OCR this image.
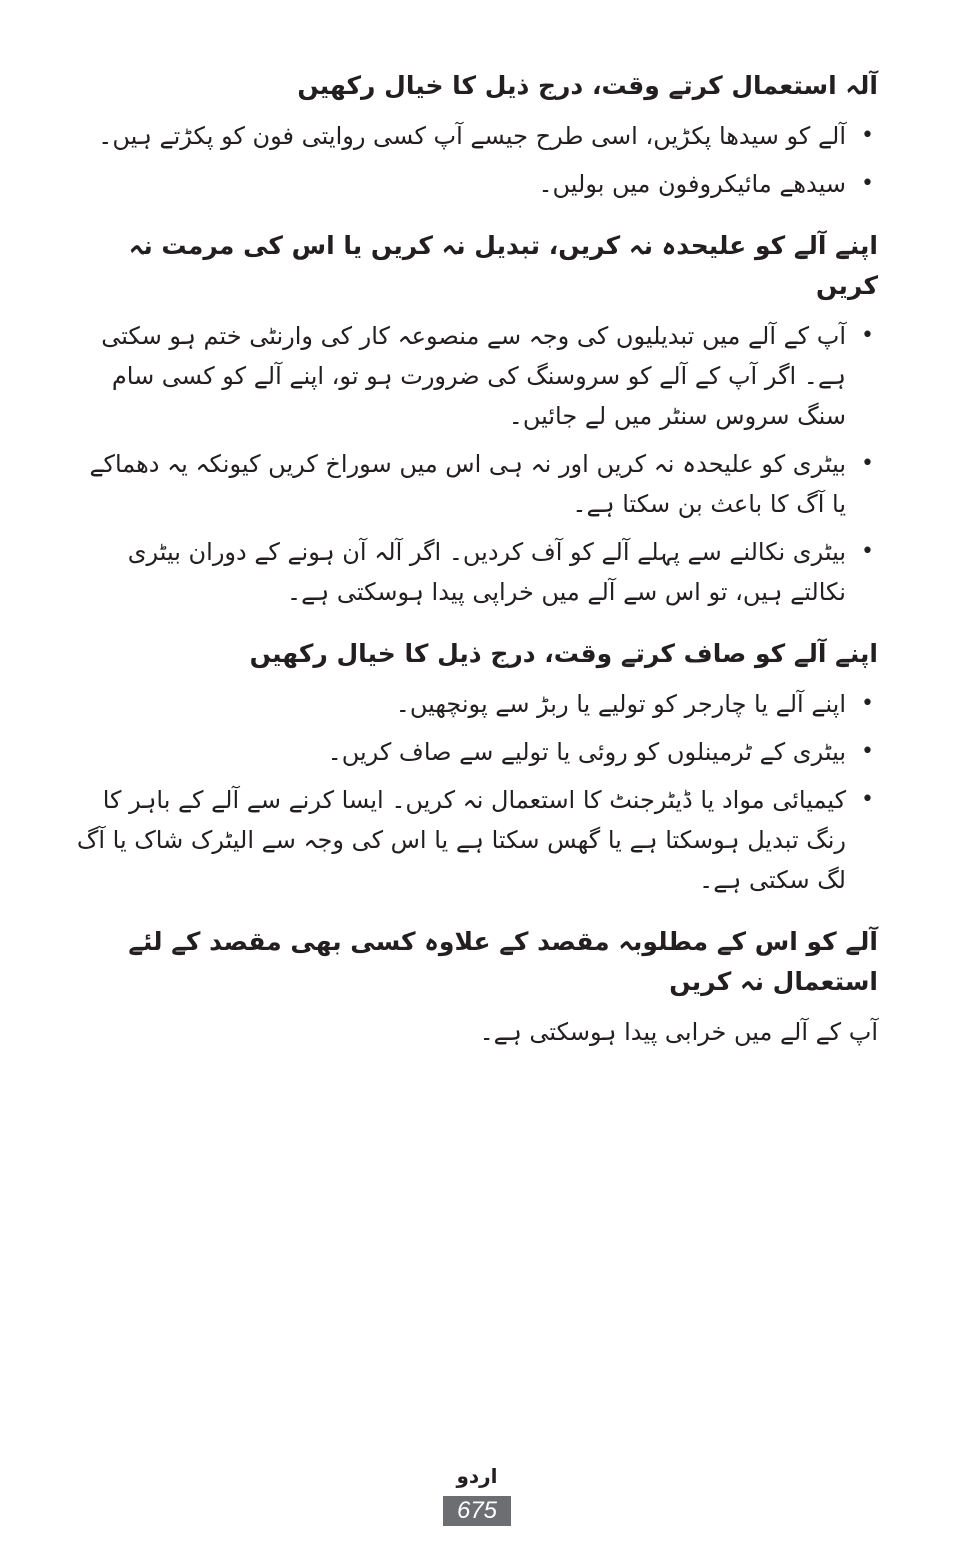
آلہ استعمال کرتے وقت، درج ذیل کا خیال رکھیں
•
آلے کو سیدھا پکڑیں، اسی طرح جیسے آپ کسی روایتی فون کو پکڑتے ہیں۔
•
سیدھے مائیکروفون میں بولیں۔
اپنے آلے کو علیحدہ نہ کریں، تبدیل نہ کریں یا اس کی مرمت نہ کریں
•
آپ کے آلے میں تبدیلیوں کی وجہ سے منصوعہ کار کی وارنٹی ختم ہو سکتی ہے۔ اگر آپ کے آلے کو سروسنگ کی ضرورت ہو تو، اپنے آلے کو کسی سام سنگ سروس سنٹر میں لے جائیں۔
•
بیٹری کو علیحدہ نہ کریں اور نہ ہی اس میں سوراخ کریں کیونکہ یہ دھماکے یا آگ کا باعث بن سکتا ہے۔
•
بیٹری نکالنے سے پہلے آلے کو آف کردیں۔ اگر آلہ آن ہونے کے دوران بیٹری نکالتے ہیں، تو اس سے آلے میں خراپی پیدا ہوسکتی ہے۔
اپنے آلے کو صاف کرتے وقت، درج ذیل کا خیال رکھیں
•
اپنے آلے یا چارجر کو تولیے یا ربڑ سے پونچھیں۔
•
بیٹری کے ٹرمینلوں کو روئی یا تولیے سے صاف کریں۔
•
کیمیائی مواد یا ڈیٹرجنٹ کا استعمال نہ کریں۔ ایسا کرنے سے آلے کے باہر کا رنگ تبدیل ہوسکتا ہے یا گھس سکتا ہے یا اس کی وجہ سے الیٹرک شاک یا آگ لگ سکتی ہے۔
آلے کو اس کے مطلوبہ مقصد کے علاوہ کسی بھی مقصد کے لئے استعمال نہ کریں

آپ کے آلے میں خرابی پیدا ہوسکتی ہے۔

اردو
675
